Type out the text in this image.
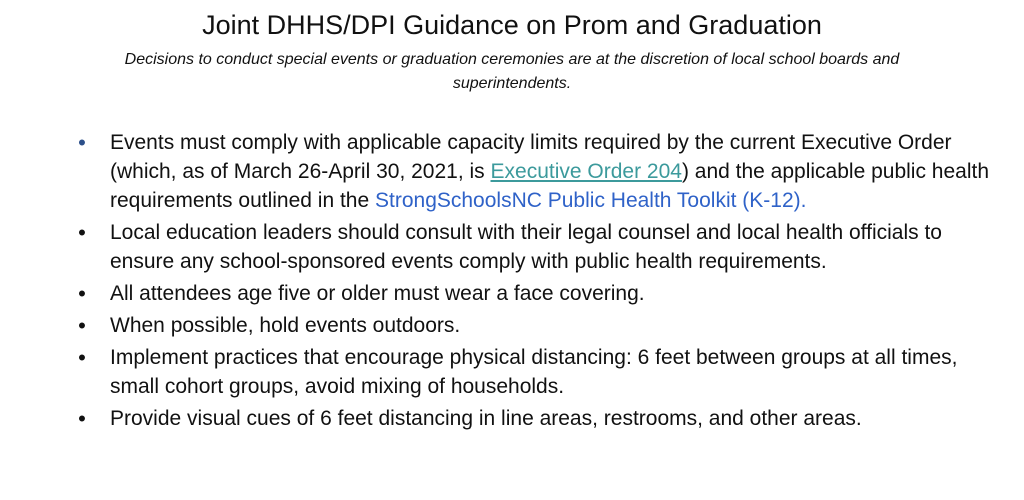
Joint DHHS/DPI Guidance on Prom and Graduation

Decisions to conduct special events or graduation ceremonies are at the discretion of local school boards and superintendents.

• Events must comply with applicable capacity limits required by the current Executive Order (which, as of March 26-April 30, 2021, is Executive Order 204) and the applicable public health requirements outlined in the StrongSchoolsNC Public Health Toolkit (K-12).
• Local education leaders should consult with their legal counsel and local health officials to ensure any school-sponsored events comply with public health requirements.
• All attendees age five or older must wear a face covering.
• When possible, hold events outdoors.
• Implement practices that encourage physical distancing: 6 feet between groups at all times, small cohort groups, avoid mixing of households.
• Provide visual cues of 6 feet distancing in line areas, restrooms, and other areas.
